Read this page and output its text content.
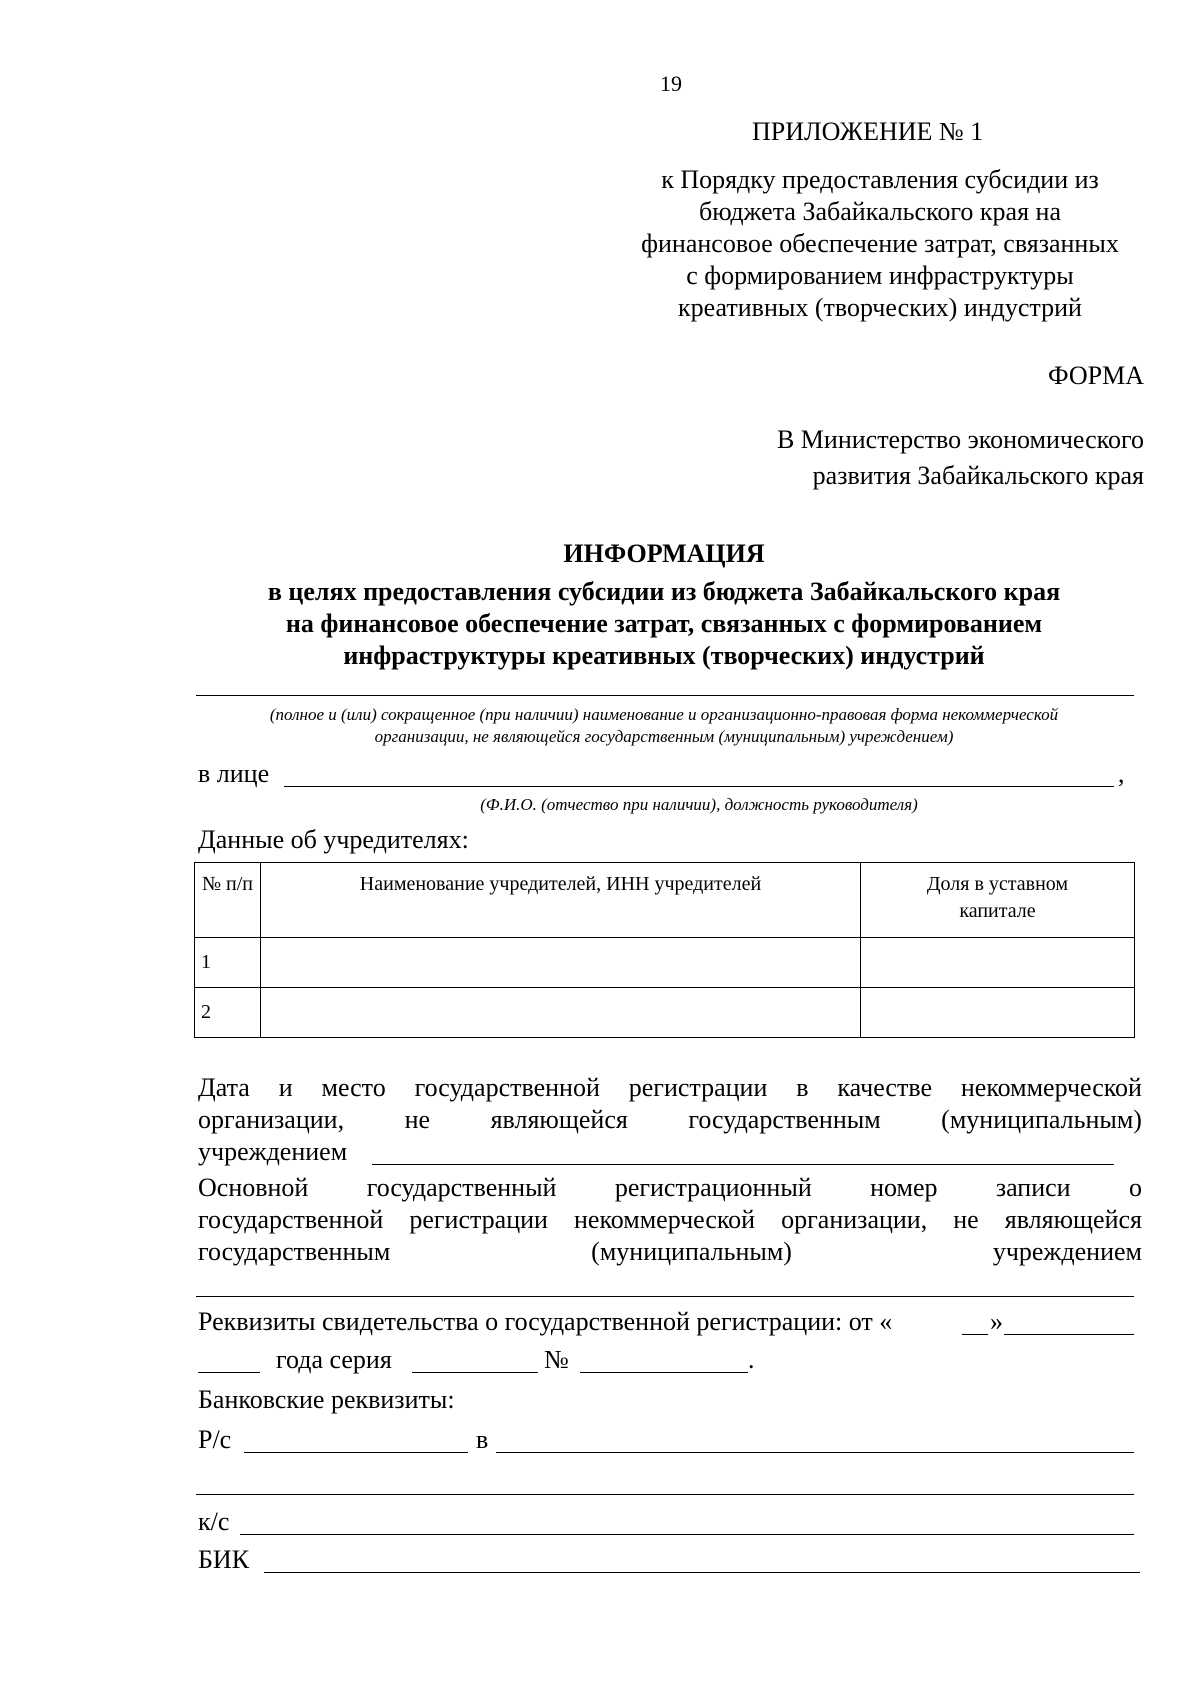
19
ПРИЛОЖЕНИЕ № 1
к Порядку предоставления субсидии из
бюджета Забайкальского края на
финансовое обеспечение затрат, связанных
с формированием инфраструктуры
креативных (творческих) индустрий
ФОРМА
В Министерство экономического
развития Забайкальского края
ИНФОРМАЦИЯ
в целях предоставления субсидии из бюджета Забайкальского края
на финансовое обеспечение затрат, связанных с формированием
инфраструктуры креативных (творческих) индустрий
(полное и (или) сокращенное (при наличии) наименование и организационно-правовая форма некоммерческой
организации, не являющейся государственным (муниципальным) учреждением)
в лице	,
(Ф.И.О. (отчество при наличии), должность руководителя)
Данные об учредителях:
№ п/п	Наименование учредителей, ИНН учредителей	Доля в уставном капитале
1		
2		
Дата и место государственной регистрации в качестве некоммерческой
организации, не являющейся государственным (муниципальным)
учреждением
Основной государственный регистрационный номер записи о
государственной регистрации некоммерческой организации, не являющейся
государственным	(муниципальным)	учреждением
Реквизиты свидетельства о государственной регистрации: от «	»
года серия	№	.
Банковские реквизиты:
Р/с	в
к/с
БИК
